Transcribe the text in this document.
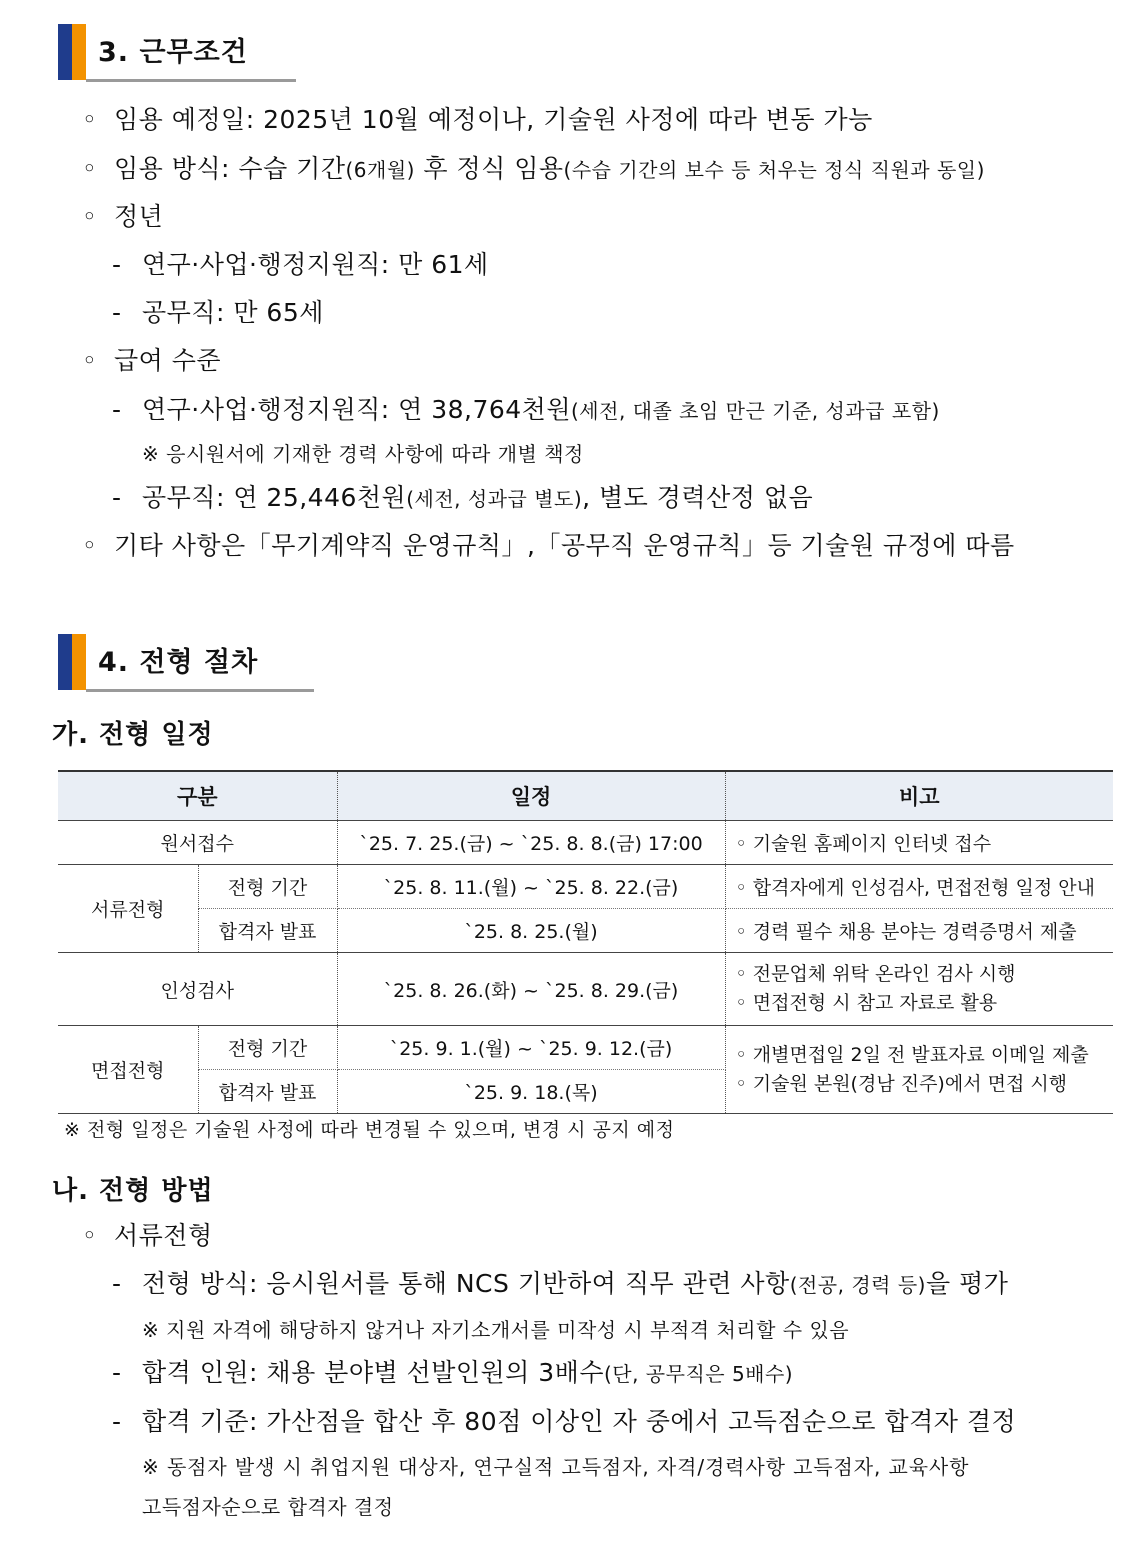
3. 근무조건
◦ 임용 예정일: 2025년 10월 예정이나, 기술원 사정에 따라 변동 가능
◦ 임용 방식: 수습 기간(6개월) 후 정식 임용(수습 기간의 보수 등 처우는 정식 직원과 동일)
◦ 정년
- 연구·사업·행정지원직: 만 61세
- 공무직: 만 65세
◦ 급여 수준
- 연구·사업·행정지원직: 연 38,764천원(세전, 대졸 초임 만근 기준, 성과급 포함)
※ 응시원서에 기재한 경력 사항에 따라 개별 책정
- 공무직: 연 25,446천원(세전, 성과급 별도), 별도 경력산정 없음
◦ 기타 사항은「무기계약직 운영규칙」,「공무직 운영규칙」등 기술원 규정에 따름
4. 전형 절차
가. 전형 일정
구분		일정	비고
원서접수		`25. 7. 25.(금) ~ `25. 8. 8.(금) 17:00	◦ 기술원 홈페이지 인터넷 접수
서류전형	전형 기간	`25. 8. 11.(월) ~ `25. 8. 22.(금)	◦ 합격자에게 인성검사, 면접전형 일정 안내
	합격자 발표	`25. 8. 25.(월)	◦ 경력 필수 채용 분야는 경력증명서 제출
인성검사		`25. 8. 26.(화) ~ `25. 8. 29.(금)	◦ 전문업체 위탁 온라인 검사 시행
◦ 면접전형 시 참고 자료로 활용

면접전형	전형 기간	`25. 9. 1.(월) ~ `25. 9. 12.(금)	◦ 개별면접일 2일 전 발표자료 이메일 제출
◦ 기술원 본원(경남 진주)에서 면접 시행

	합격자 발표	`25. 9. 18.(목)	
※ 전형 일정은 기술원 사정에 따라 변경될 수 있으며, 변경 시 공지 예정
나. 전형 방법
◦ 서류전형
- 전형 방식: 응시원서를 통해 NCS 기반하여 직무 관련 사항(전공, 경력 등)을 평가
※ 지원 자격에 해당하지 않거나 자기소개서를 미작성 시 부적격 처리할 수 있음
- 합격 인원: 채용 분야별 선발인원의 3배수(단, 공무직은 5배수)
- 합격 기준: 가산점을 합산 후 80점 이상인 자 중에서 고득점순으로 합격자 결정
※ 동점자 발생 시 취업지원 대상자, 연구실적 고득점자, 자격/경력사항 고득점자, 교육사항
고득점자순으로 합격자 결정
